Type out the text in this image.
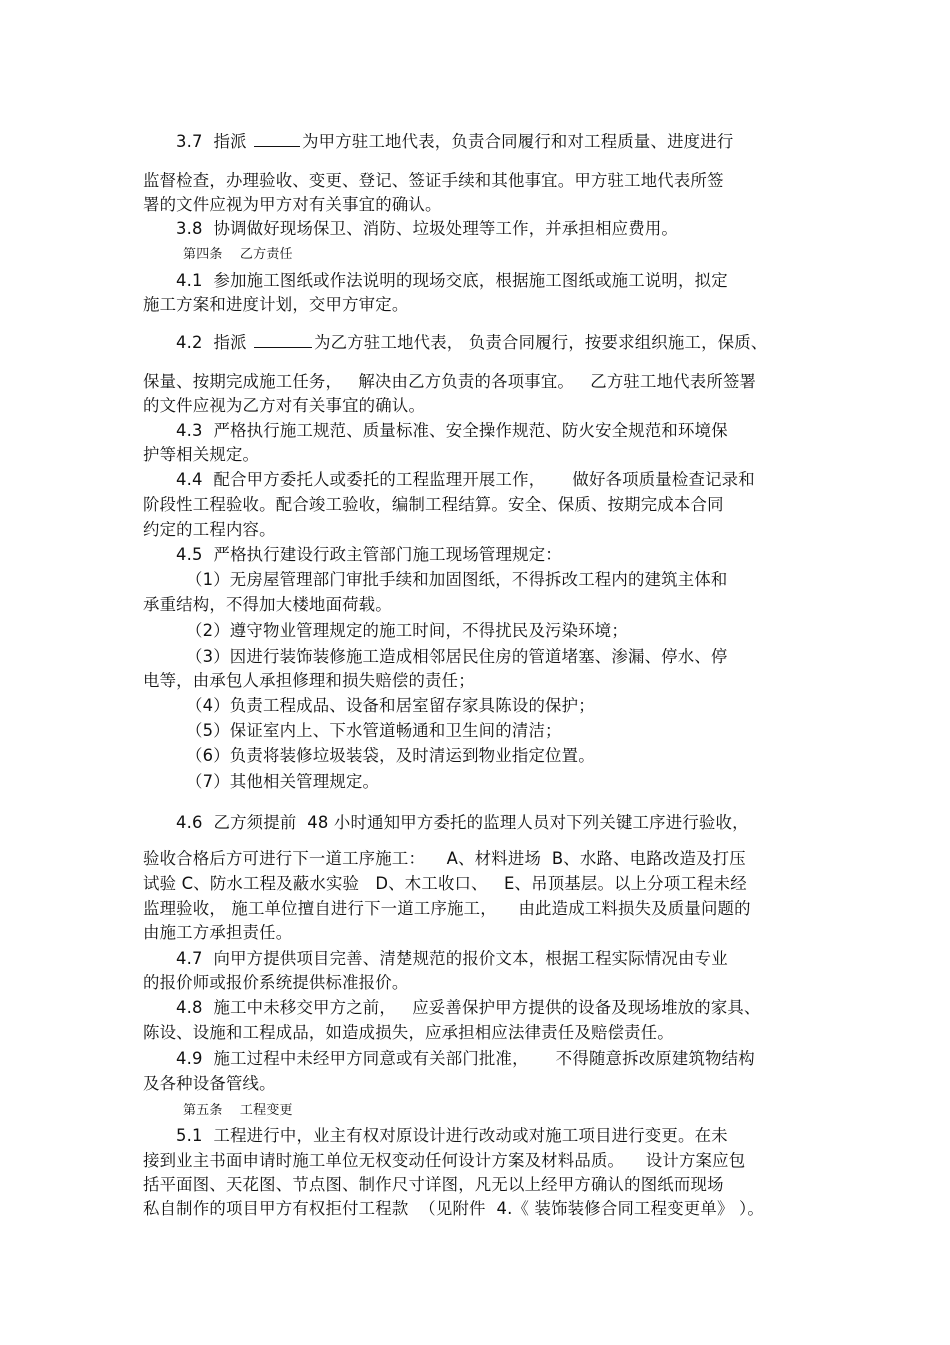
3.7  指派	为甲方驻工地代表，负责合同履行和对工程质量、进度进行
监督检查，办理验收、变更、登记、签证手续和其他事宜。甲方驻工地代表所签
署的文件应视为甲方对有关事宜的确认。
3.8  协调做好现场保卫、消防、垃圾处理等工作，并承担相应费用。
第四条    乙方责任
4.1  参加施工图纸或作法说明的现场交底，根据施工图纸或施工说明，拟定
施工方案和进度计划，交甲方审定。
4.2  指派	为乙方驻工地代表， 负责合同履行，按要求组织施工，保质、
保量、按期完成施工任务，   解决由乙方负责的各项事宜。   乙方驻工地代表所签署
的文件应视为乙方对有关事宜的确认。
4.3  严格执行施工规范、质量标准、安全操作规范、防火安全规范和环境保
护等相关规定。
4.4  配合甲方委托人或委托的工程监理开展工作，     做好各项质量检查记录和
阶段性工程验收。配合竣工验收，编制工程结算。安全、保质、按期完成本合同
约定的工程内容。
4.5  严格执行建设行政主管部门施工现场管理规定：
（1）无房屋管理部门审批手续和加固图纸，不得拆改工程内的建筑主体和
承重结构，不得加大楼地面荷载。
（2）遵守物业管理规定的施工时间，不得扰民及污染环境；
（3）因进行装饰装修施工造成相邻居民住房的管道堵塞、渗漏、停水、停
电等，由承包人承担修理和损失赔偿的责任；
（4）负责工程成品、设备和居室留存家具陈设的保护；
（5）保证室内上、下水管道畅通和卫生间的清洁；
（6）负责将装修垃圾装袋，及时清运到物业指定位置。
（7）其他相关管理规定。
4.6  乙方须提前  48 小时通知甲方委托的监理人员对下列关键工序进行验收，
验收合格后方可进行下一道工序施工：    A、材料进场  B、水路、电路改造及打压
试验 C、防水工程及蔽水实验   D、木工收口、   E、吊顶基层。以上分项工程未经
监理验收， 施工单位擅自进行下一道工序施工，    由此造成工料损失及质量问题的
由施工方承担责任。
4.7  向甲方提供项目完善、清楚规范的报价文本，根据工程实际情况由专业
的报价师或报价系统提供标准报价。
4.8  施工中未移交甲方之前，   应妥善保护甲方提供的设备及现场堆放的家具、
陈设、设施和工程成品，如造成损失，应承担相应法律责任及赔偿责任。
4.9  施工过程中未经甲方同意或有关部门批准，     不得随意拆改原建筑物结构
及各种设备管线。
第五条    工程变更
5.1  工程进行中，业主有权对原设计进行改动或对施工项目进行变更。在未
接到业主书面申请时施工单位无权变动任何设计方案及材料品质。    设计方案应包
括平面图、天花图、节点图、制作尺寸详图，凡无以上经甲方确认的图纸而现场
私自制作的项目甲方有权拒付工程款  （见附件  4.《 装饰装修合同工程变更单》 ）。
